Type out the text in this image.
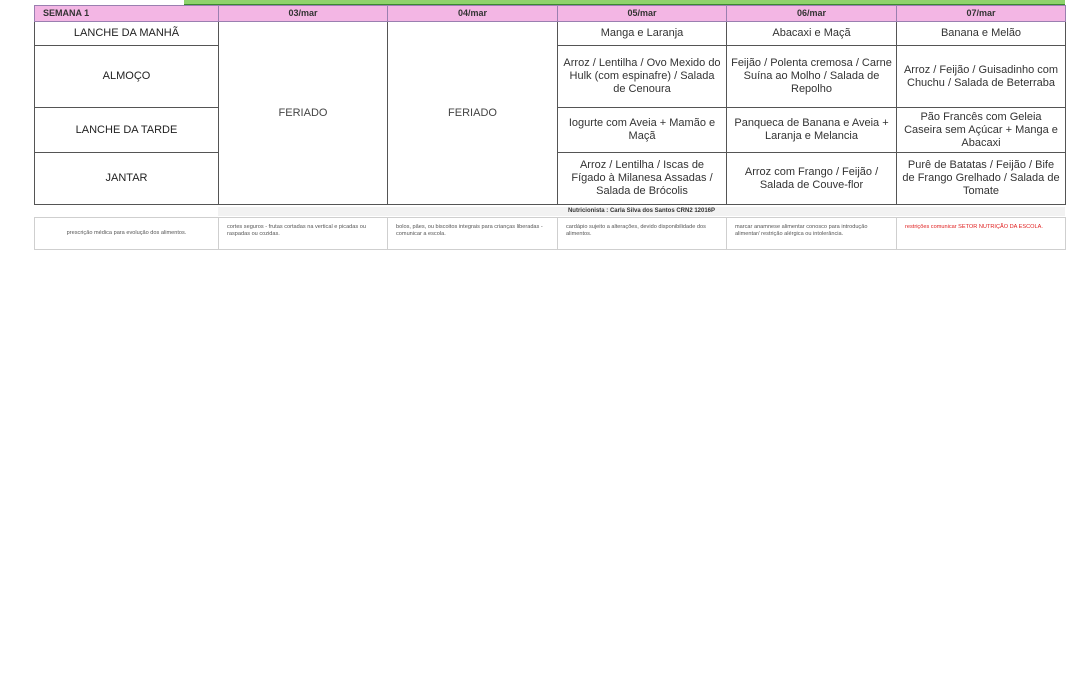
SEMANA 1	03/mar	04/mar	05/mar	06/mar	07/mar
LANCHE DA MANHÃ	FERIADO	FERIADO	Manga e Laranja	Abacaxi e Maçã	Banana e Melão
ALMOÇO			Arroz / Lentilha / Ovo Mexido do Hulk (com espinafre) / Salada de Cenoura	Feijão / Polenta cremosa / Carne Suína ao Molho / Salada de Repolho	Arroz / Feijão / Guisadinho com Chuchu / Salada de Beterraba
LANCHE DA TARDE			Iogurte com Aveia + Mamão e Maçã	Panqueca de Banana e Aveia + Laranja e Melancia	Pão Francês com Geleia Caseira sem Açúcar + Manga e Abacaxi
JANTAR			Arroz / Lentilha / Iscas de Fígado à Milanesa Assadas / Salada de Brócolis	Arroz com Frango / Feijão / Salada de Couve-flor	Purê de Batatas / Feijão / Bife de Frango Grelhado / Salada de Tomate
Nutricionista : Carla Silva dos Santos CRN2 12016P
prescrição médica para evolução dos alimentos.	cortes seguros - frutas cortadas na vertical e picadas ou raspadas ou cozidas.	bolos, pães, ou biscoitos integrais para crianças liberadas - comunicar a escola.	cardápio sujeito a alterações, devido disponibilidade dos alimentos.	marcar anamnese alimentar conosco para introdução alimentar/ restrição alérgica ou intolerância.	restrições comunicar SETOR NUTRIÇÃO DA ESCOLA.
